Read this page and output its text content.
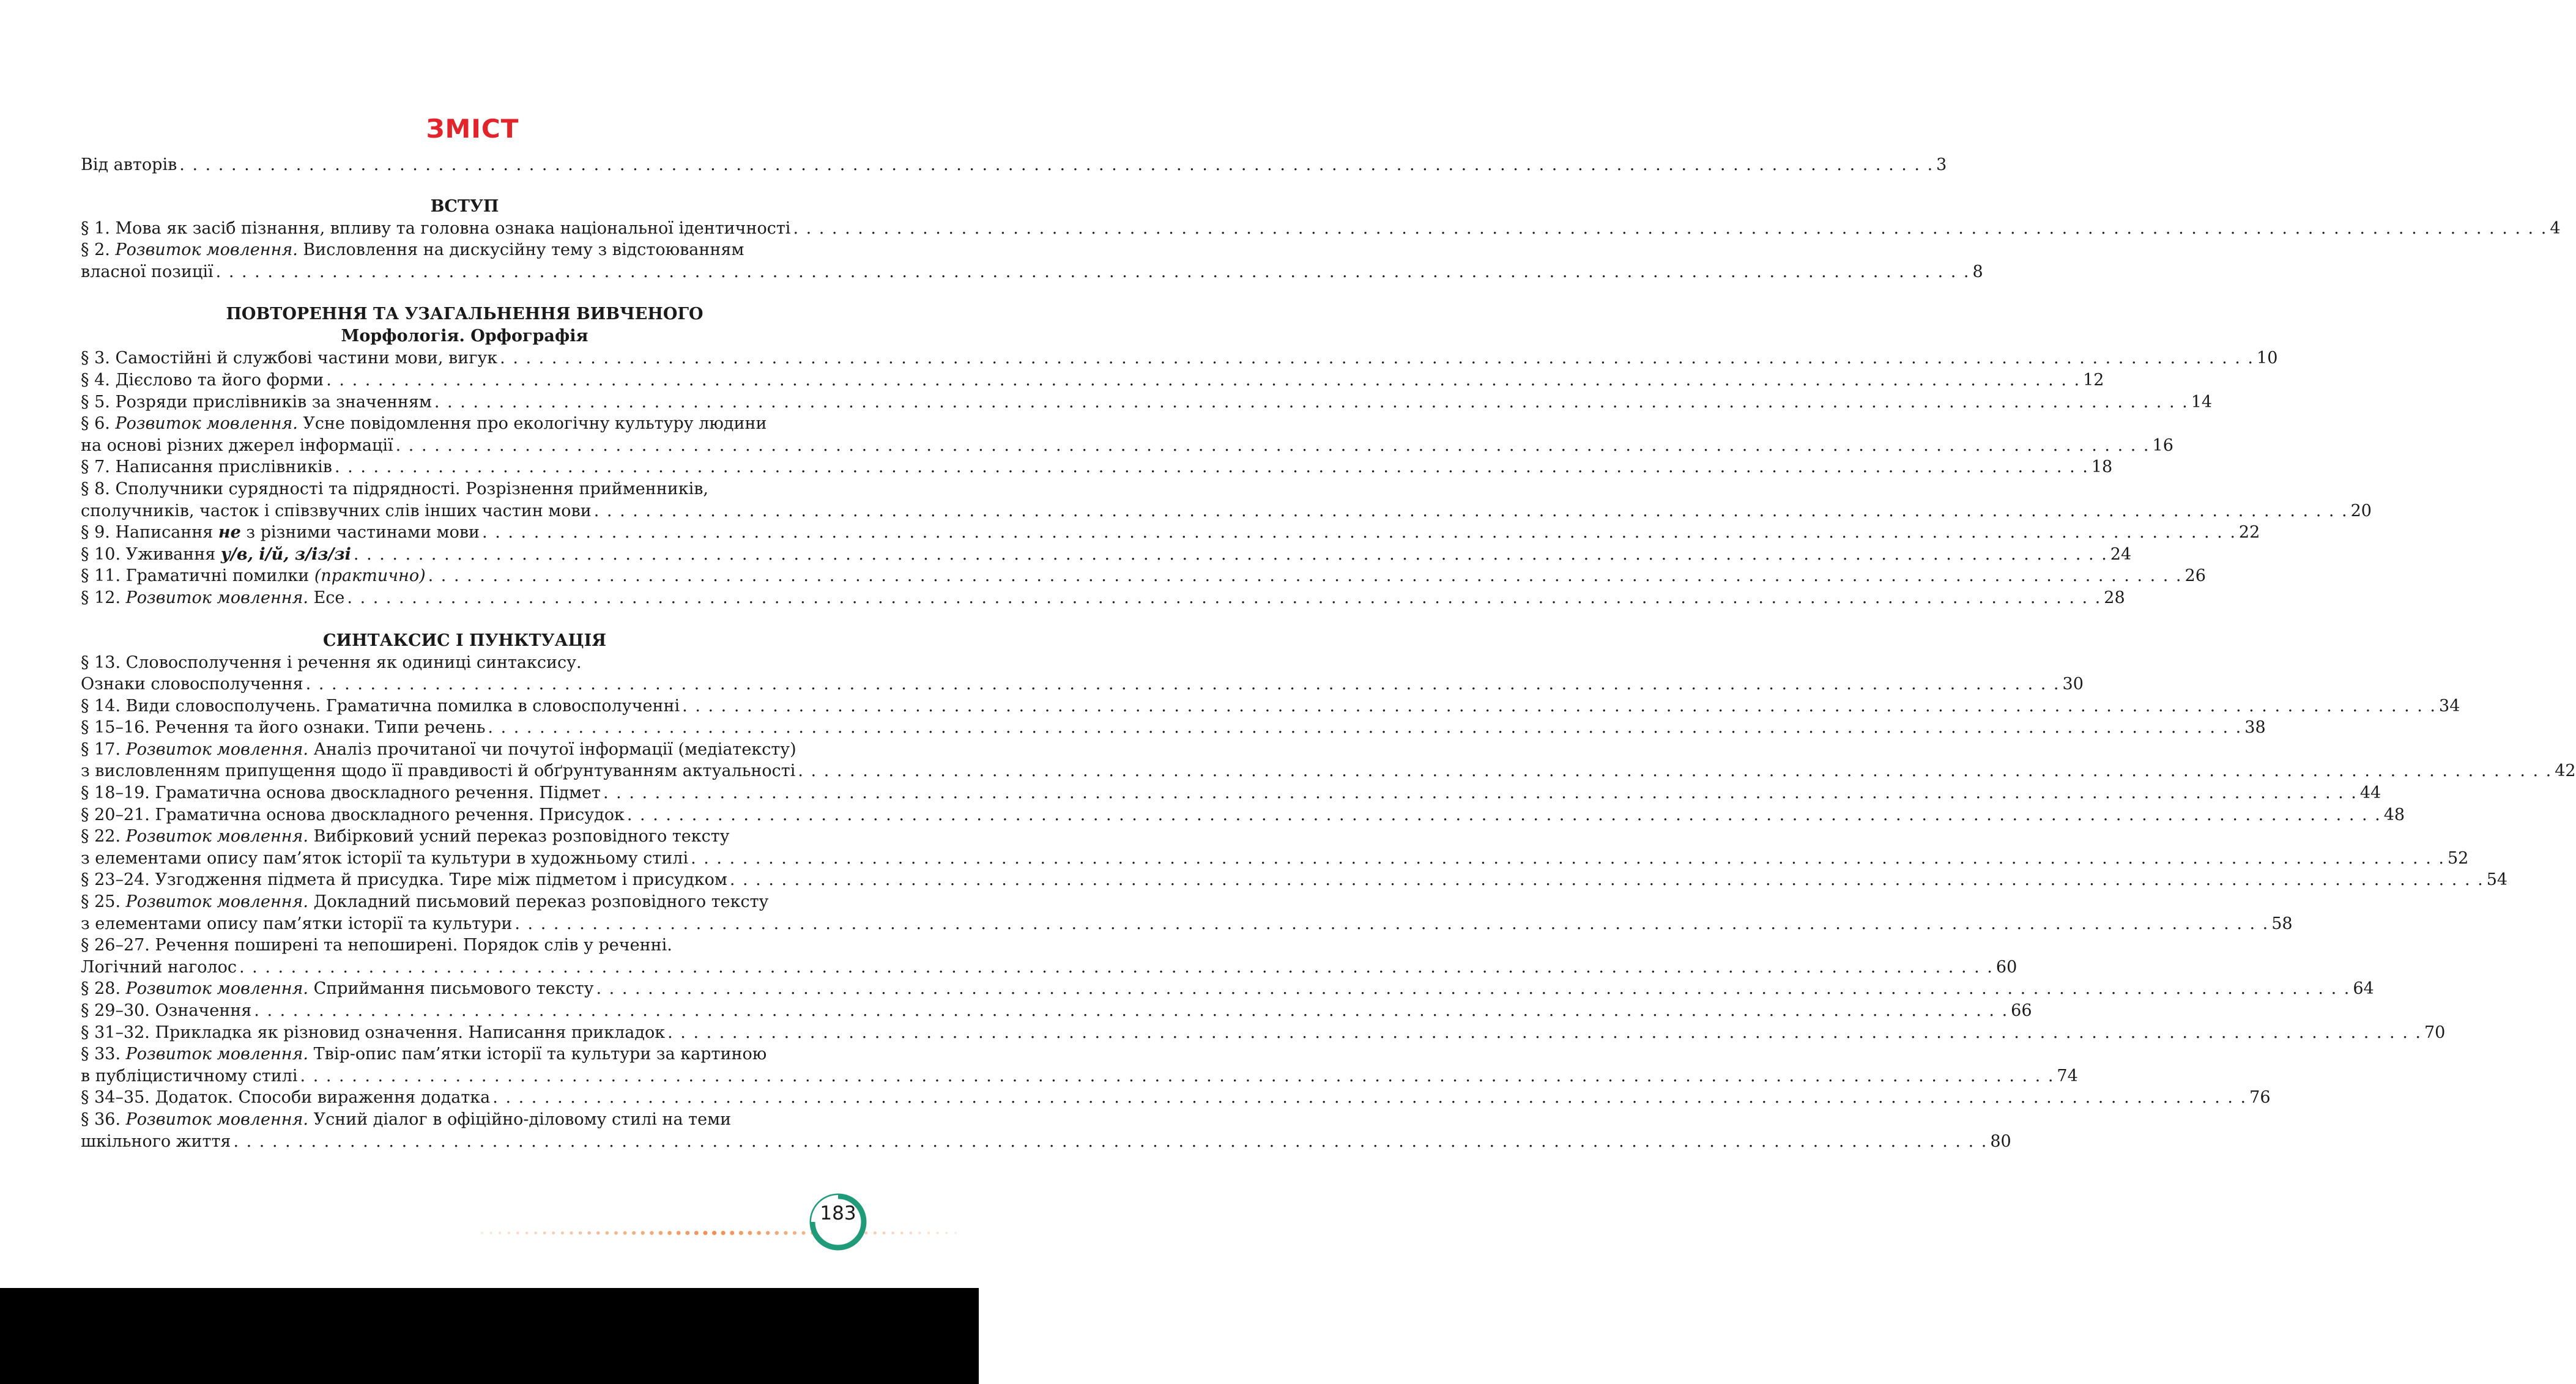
ЗМІСТ
Від авторів . . . . . . . . . . . . . . . . . . . . . . . . . . . . . . . . . . . . . . . . . . . . . . . . . . . . . . . . . . . . . . . . . . . . . . . . . . . . . . . . . . . . . . . . . . . . . . . . . . . . . . . . . . . . . . . . . . . . . . . . . . . . . . . . . . . . . . . . 3
ВСТУП
§ 1. Мова як засіб пізнання, впливу та головна ознака національної ідентичності . . . . . . . . . . . . . . . . . . . . . . . . . . . . . . . . . . . . . . . . . . . . . . . . . . . . . . . . . . . . . . . . . . . . . . . . . . . . . . . . . . . . . . . . . . . . . . . . . . . . . . . . . . . . . . . . . . . . . . . . . . . . . . . . . . . . . . . . 4
§ 2. Розвиток мовлення. Висловлення на дискусійну тему з відстоюванням
власної позиції . . . . . . . . . . . . . . . . . . . . . . . . . . . . . . . . . . . . . . . . . . . . . . . . . . . . . . . . . . . . . . . . . . . . . . . . . . . . . . . . . . . . . . . . . . . . . . . . . . . . . . . . . . . . . . . . . . . . . . . . . . . . . . . . . . . . . . . . 8
ПОВТОРЕННЯ ТА УЗАГАЛЬНЕННЯ ВИВЧЕНОГО
Морфологія. Орфографія
§ 3. Самостійні й службові частини мови, вигук . . . . . . . . . . . . . . . . . . . . . . . . . . . . . . . . . . . . . . . . . . . . . . . . . . . . . . . . . . . . . . . . . . . . . . . . . . . . . . . . . . . . . . . . . . . . . . . . . . . . . . . . . . . . . . . . . . . . . . . . . . . . . . . . . . . . . . . . 10
§ 4. Дієслово та його форми . . . . . . . . . . . . . . . . . . . . . . . . . . . . . . . . . . . . . . . . . . . . . . . . . . . . . . . . . . . . . . . . . . . . . . . . . . . . . . . . . . . . . . . . . . . . . . . . . . . . . . . . . . . . . . . . . . . . . . . . . . . . . . . . . . . . . . . . 12
§ 5. Розряди прислівників за значенням . . . . . . . . . . . . . . . . . . . . . . . . . . . . . . . . . . . . . . . . . . . . . . . . . . . . . . . . . . . . . . . . . . . . . . . . . . . . . . . . . . . . . . . . . . . . . . . . . . . . . . . . . . . . . . . . . . . . . . . . . . . . . . . . . . . . . . . . 14
§ 6. Розвиток мовлення. Усне повідомлення про екологічну культуру людини
на основі різних джерел інформації . . . . . . . . . . . . . . . . . . . . . . . . . . . . . . . . . . . . . . . . . . . . . . . . . . . . . . . . . . . . . . . . . . . . . . . . . . . . . . . . . . . . . . . . . . . . . . . . . . . . . . . . . . . . . . . . . . . . . . . . . . . . . . . . . . . . . . . . 16
§ 7. Написання прислівників . . . . . . . . . . . . . . . . . . . . . . . . . . . . . . . . . . . . . . . . . . . . . . . . . . . . . . . . . . . . . . . . . . . . . . . . . . . . . . . . . . . . . . . . . . . . . . . . . . . . . . . . . . . . . . . . . . . . . . . . . . . . . . . . . . . . . . . . 18
§ 8. Сполучники сурядності та підрядності. Розрізнення прийменників,
сполучників, часток і співзвучних слів інших частин мови . . . . . . . . . . . . . . . . . . . . . . . . . . . . . . . . . . . . . . . . . . . . . . . . . . . . . . . . . . . . . . . . . . . . . . . . . . . . . . . . . . . . . . . . . . . . . . . . . . . . . . . . . . . . . . . . . . . . . . . . . . . . . . . . . . . . . . . . 20
§ 9. Написання не з різними частинами мови . . . . . . . . . . . . . . . . . . . . . . . . . . . . . . . . . . . . . . . . . . . . . . . . . . . . . . . . . . . . . . . . . . . . . . . . . . . . . . . . . . . . . . . . . . . . . . . . . . . . . . . . . . . . . . . . . . . . . . . . . . . . . . . . . . . . . . . . 22
§ 10. Уживання у/в, і/й, з/із/зі . . . . . . . . . . . . . . . . . . . . . . . . . . . . . . . . . . . . . . . . . . . . . . . . . . . . . . . . . . . . . . . . . . . . . . . . . . . . . . . . . . . . . . . . . . . . . . . . . . . . . . . . . . . . . . . . . . . . . . . . . . . . . . . . . . . . . . . . 24
§ 11. Граматичні помилки (практично) . . . . . . . . . . . . . . . . . . . . . . . . . . . . . . . . . . . . . . . . . . . . . . . . . . . . . . . . . . . . . . . . . . . . . . . . . . . . . . . . . . . . . . . . . . . . . . . . . . . . . . . . . . . . . . . . . . . . . . . . . . . . . . . . . . . . . . . . 26
§ 12. Розвиток мовлення. Есе . . . . . . . . . . . . . . . . . . . . . . . . . . . . . . . . . . . . . . . . . . . . . . . . . . . . . . . . . . . . . . . . . . . . . . . . . . . . . . . . . . . . . . . . . . . . . . . . . . . . . . . . . . . . . . . . . . . . . . . . . . . . . . . . . . . . . . . . 28
СИНТАКСИС І ПУНКТУАЦІЯ
§ 13. Словосполучення і речення як одиниці синтаксису.
Ознаки словосполучення . . . . . . . . . . . . . . . . . . . . . . . . . . . . . . . . . . . . . . . . . . . . . . . . . . . . . . . . . . . . . . . . . . . . . . . . . . . . . . . . . . . . . . . . . . . . . . . . . . . . . . . . . . . . . . . . . . . . . . . . . . . . . . . . . . . . . . . . 30
§ 14. Види словосполучень. Граматична помилка в словосполученні . . . . . . . . . . . . . . . . . . . . . . . . . . . . . . . . . . . . . . . . . . . . . . . . . . . . . . . . . . . . . . . . . . . . . . . . . . . . . . . . . . . . . . . . . . . . . . . . . . . . . . . . . . . . . . . . . . . . . . . . . . . . . . . . . . . . . . . . 34
§ 15–16. Речення та його ознаки. Типи речень . . . . . . . . . . . . . . . . . . . . . . . . . . . . . . . . . . . . . . . . . . . . . . . . . . . . . . . . . . . . . . . . . . . . . . . . . . . . . . . . . . . . . . . . . . . . . . . . . . . . . . . . . . . . . . . . . . . . . . . . . . . . . . . . . . . . . . . . 38
§ 17. Розвиток мовлення. Аналіз прочитаної чи почутої інформації (медіатексту)
з висловленням припущення щодо її правдивості й обґрунтуванням актуальності . . . . . . . . . . . . . . . . . . . . . . . . . . . . . . . . . . . . . . . . . . . . . . . . . . . . . . . . . . . . . . . . . . . . . . . . . . . . . . . . . . . . . . . . . . . . . . . . . . . . . . . . . . . . . . . . . . . . . . . . . . . . . . . . . . . . . . . . 42
§ 18–19. Граматична основа двоскладного речення. Підмет . . . . . . . . . . . . . . . . . . . . . . . . . . . . . . . . . . . . . . . . . . . . . . . . . . . . . . . . . . . . . . . . . . . . . . . . . . . . . . . . . . . . . . . . . . . . . . . . . . . . . . . . . . . . . . . . . . . . . . . . . . . . . . . . . . . . . . . . 44
§ 20–21. Граматична основа двоскладного речення. Присудок . . . . . . . . . . . . . . . . . . . . . . . . . . . . . . . . . . . . . . . . . . . . . . . . . . . . . . . . . . . . . . . . . . . . . . . . . . . . . . . . . . . . . . . . . . . . . . . . . . . . . . . . . . . . . . . . . . . . . . . . . . . . . . . . . . . . . . . . 48
§ 22. Розвиток мовлення. Вибірковий усний переказ розповідного тексту
з елементами опису пам’яток історії та культури в художньому стилі . . . . . . . . . . . . . . . . . . . . . . . . . . . . . . . . . . . . . . . . . . . . . . . . . . . . . . . . . . . . . . . . . . . . . . . . . . . . . . . . . . . . . . . . . . . . . . . . . . . . . . . . . . . . . . . . . . . . . . . . . . . . . . . . . . . . . . . . 52
§ 23–24. Узгодження підмета й присудка. Тире між підметом і присудком . . . . . . . . . . . . . . . . . . . . . . . . . . . . . . . . . . . . . . . . . . . . . . . . . . . . . . . . . . . . . . . . . . . . . . . . . . . . . . . . . . . . . . . . . . . . . . . . . . . . . . . . . . . . . . . . . . . . . . . . . . . . . . . . . . . . . . . . 54
§ 25. Розвиток мовлення. Докладний письмовий переказ розповідного тексту
з елементами опису пам’ятки історії та культури . . . . . . . . . . . . . . . . . . . . . . . . . . . . . . . . . . . . . . . . . . . . . . . . . . . . . . . . . . . . . . . . . . . . . . . . . . . . . . . . . . . . . . . . . . . . . . . . . . . . . . . . . . . . . . . . . . . . . . . . . . . . . . . . . . . . . . . . 58
§ 26–27. Речення поширені та непоширені. Порядок слів у реченні.
Логічний наголос . . . . . . . . . . . . . . . . . . . . . . . . . . . . . . . . . . . . . . . . . . . . . . . . . . . . . . . . . . . . . . . . . . . . . . . . . . . . . . . . . . . . . . . . . . . . . . . . . . . . . . . . . . . . . . . . . . . . . . . . . . . . . . . . . . . . . . . . 60
§ 28. Розвиток мовлення. Сприймання письмового тексту . . . . . . . . . . . . . . . . . . . . . . . . . . . . . . . . . . . . . . . . . . . . . . . . . . . . . . . . . . . . . . . . . . . . . . . . . . . . . . . . . . . . . . . . . . . . . . . . . . . . . . . . . . . . . . . . . . . . . . . . . . . . . . . . . . . . . . . . 64
§ 29–30. Означення . . . . . . . . . . . . . . . . . . . . . . . . . . . . . . . . . . . . . . . . . . . . . . . . . . . . . . . . . . . . . . . . . . . . . . . . . . . . . . . . . . . . . . . . . . . . . . . . . . . . . . . . . . . . . . . . . . . . . . . . . . . . . . . . . . . . . . . . 66
§ 31–32. Прикладка як різновид означення. Написання прикладок . . . . . . . . . . . . . . . . . . . . . . . . . . . . . . . . . . . . . . . . . . . . . . . . . . . . . . . . . . . . . . . . . . . . . . . . . . . . . . . . . . . . . . . . . . . . . . . . . . . . . . . . . . . . . . . . . . . . . . . . . . . . . . . . . . . . . . . . 70
§ 33. Розвиток мовлення. Твір-опис пам’ятки історії та культури за картиною
в публіцистичному стилі . . . . . . . . . . . . . . . . . . . . . . . . . . . . . . . . . . . . . . . . . . . . . . . . . . . . . . . . . . . . . . . . . . . . . . . . . . . . . . . . . . . . . . . . . . . . . . . . . . . . . . . . . . . . . . . . . . . . . . . . . . . . . . . . . . . . . . . . 74
§ 34–35. Додаток. Способи вираження додатка . . . . . . . . . . . . . . . . . . . . . . . . . . . . . . . . . . . . . . . . . . . . . . . . . . . . . . . . . . . . . . . . . . . . . . . . . . . . . . . . . . . . . . . . . . . . . . . . . . . . . . . . . . . . . . . . . . . . . . . . . . . . . . . . . . . . . . . . 76
§ 36. Розвиток мовлення. Усний діалог в офіційно-діловому стилі на теми
шкільного життя . . . . . . . . . . . . . . . . . . . . . . . . . . . . . . . . . . . . . . . . . . . . . . . . . . . . . . . . . . . . . . . . . . . . . . . . . . . . . . . . . . . . . . . . . . . . . . . . . . . . . . . . . . . . . . . . . . . . . . . . . . . . . . . . . . . . . . . . 80
183
